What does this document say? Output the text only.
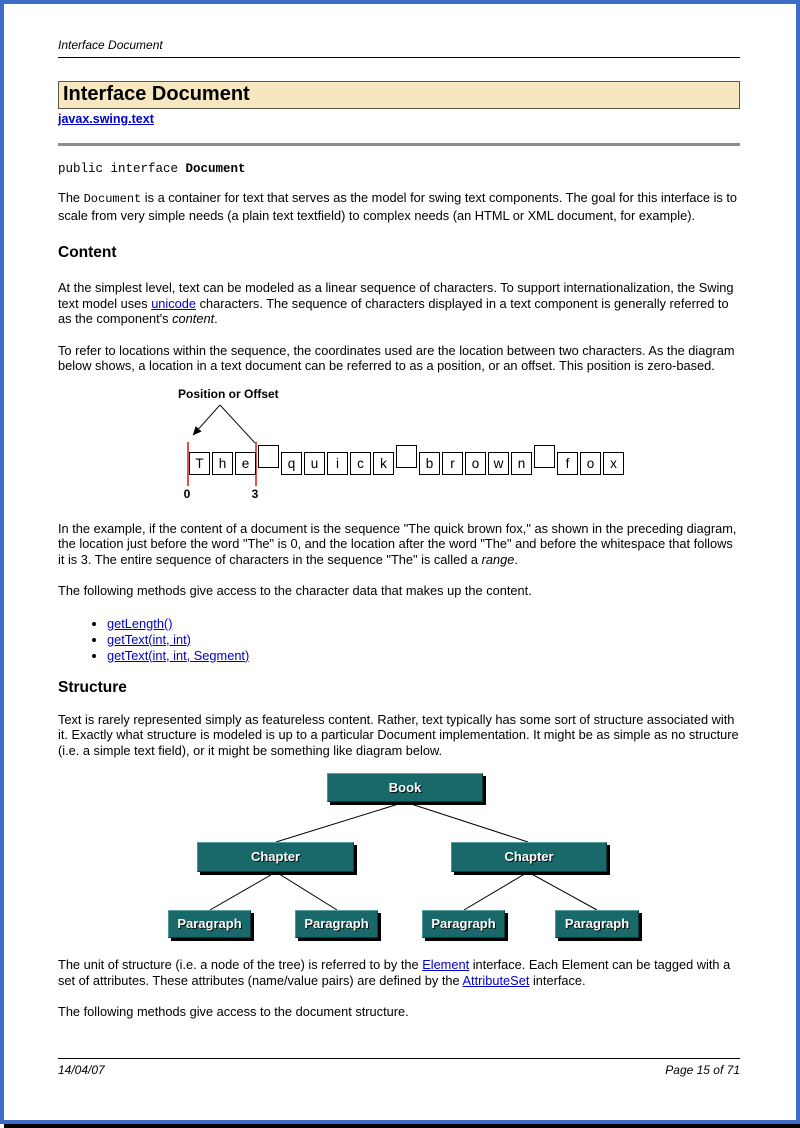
Interface Document
Interface Document
javax.swing.text
public interface Document

The Document is a container for text that serves as the model for swing text components. The goal for this interface is to scale from very simple needs (a plain text textfield) to complex needs (an HTML or XML document, for example).

Content

At the simplest level, text can be modeled as a linear sequence of characters. To support internationalization, the Swing text model uses unicode characters. The sequence of characters displayed in a text component is generally referred to as the component's content.

To refer to locations within the sequence, the coordinates used are the location between two characters. As the diagram below shows, a location in a text document can be referred to as a position, or an offset. This position is zero-based.

Position or Offset
T h e	q u i c k	b r o w n	f o x
0	3

In the example, if the content of a document is the sequence "The quick brown fox," as shown in the preceding diagram, the location just before the word "The" is 0, and the location after the word "The" and before the whitespace that follows it is 3. The entire sequence of characters in the sequence "The" is called a range.

The following methods give access to the character data that makes up the content.

• getLength()
• getText(int, int)
• getText(int, int, Segment)
Structure

Text is rarely represented simply as featureless content. Rather, text typically has some sort of structure associated with it. Exactly what structure is modeled is up to a particular Document implementation. It might be as simple as no structure (i.e. a simple text field), or it might be something like diagram below.

Book
Chapter	Chapter
Paragraph	Paragraph	Paragraph	Paragraph

The unit of structure (i.e. a node of the tree) is referred to by the Element interface. Each Element can be tagged with a set of attributes. These attributes (name/value pairs) are defined by the AttributeSet interface.

The following methods give access to the document structure.

14/04/07	Page 15 of 71
